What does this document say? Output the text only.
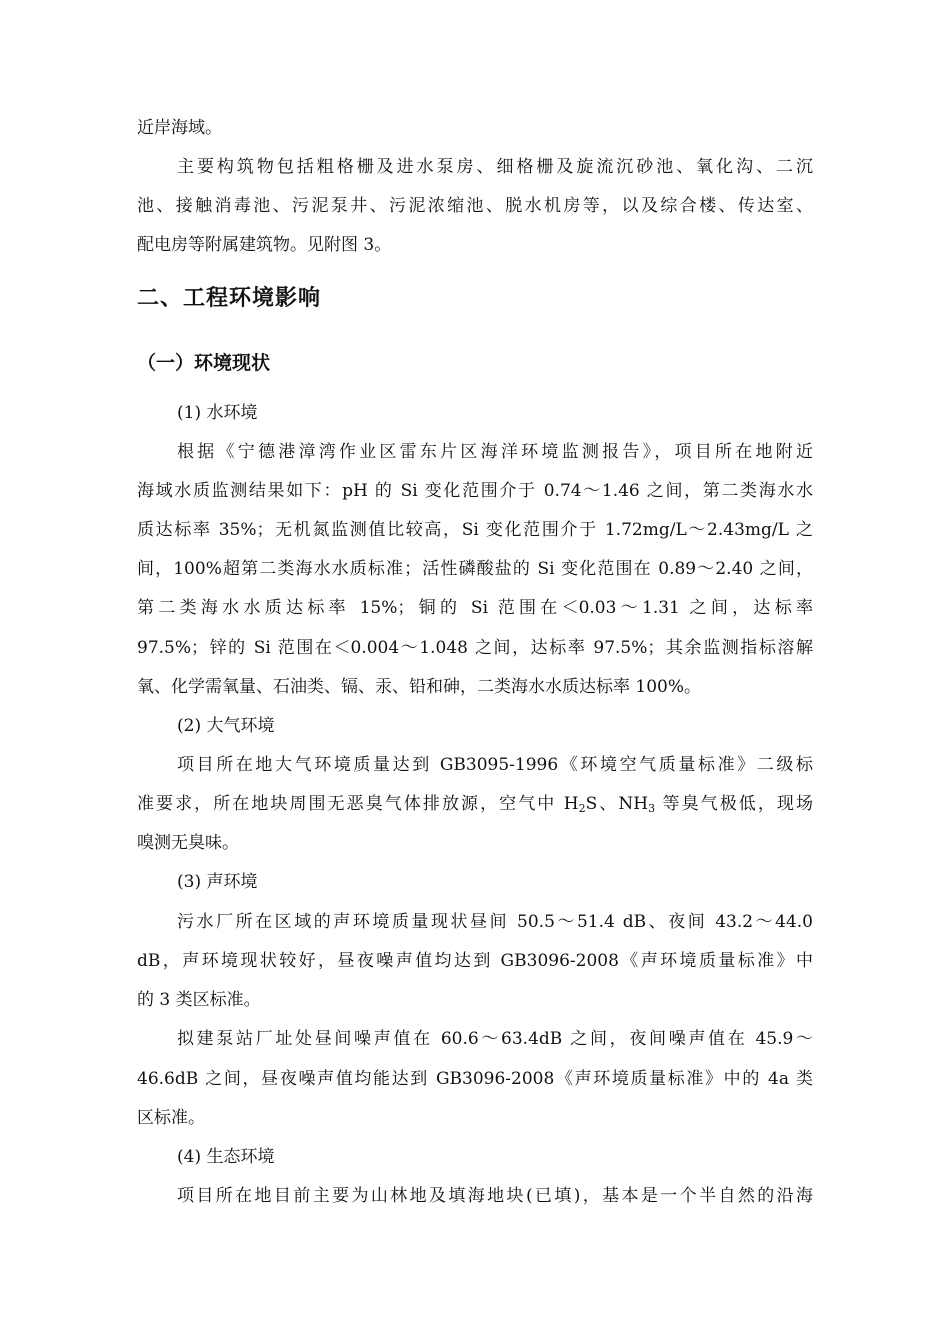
近岸海域。
主要构筑物包括粗格栅及进水泵房、细格栅及旋流沉砂池、氧化沟、二沉
池、接触消毒池、污泥泵井、污泥浓缩池、脱水机房等，以及综合楼、传达室、
配电房等附属建筑物。见附图 3。
二、工程环境影响
（一）环境现状
(1) 水环境
根据《宁德港漳湾作业区雷东片区海洋环境监测报告》，项目所在地附近
海域水质监测结果如下：pH 的 Si 变化范围介于 0.74～1.46 之间，第二类海水水
质达标率 35%；无机氮监测值比较高，Si 变化范围介于 1.72mg/L～2.43mg/L 之
间，100%超第二类海水水质标准；活性磷酸盐的 Si 变化范围在 0.89～2.40 之间，
第二类海水水质达标率 15%；铜的 Si 范围在＜0.03～1.31 之间，达标率
97.5%；锌的 Si 范围在＜0.004～1.048 之间，达标率 97.5%；其余监测指标溶解
氧、化学需氧量、石油类、镉、汞、铅和砷，二类海水水质达标率 100%。
(2) 大气环境
项目所在地大气环境质量达到 GB3095-1996《环境空气质量标准》二级标
准要求，所在地块周围无恶臭气体排放源，空气中 $H_2S$、$NH_3$ 等臭气极低，现场
嗅测无臭味。
(3) 声环境
污水厂所在区域的声环境质量现状昼间 50.5～51.4 dB、夜间 43.2～44.0
dB，声环境现状较好，昼夜噪声值均达到 GB3096-2008《声环境质量标准》中
的 3 类区标准。
拟建泵站厂址处昼间噪声值在 60.6～63.4dB 之间，夜间噪声值在 45.9～
46.6dB 之间，昼夜噪声值均能达到 GB3096-2008《声环境质量标准》中的 4a 类
区标准。
(4) 生态环境
项目所在地目前主要为山林地及填海地块(已填)，基本是一个半自然的沿海
